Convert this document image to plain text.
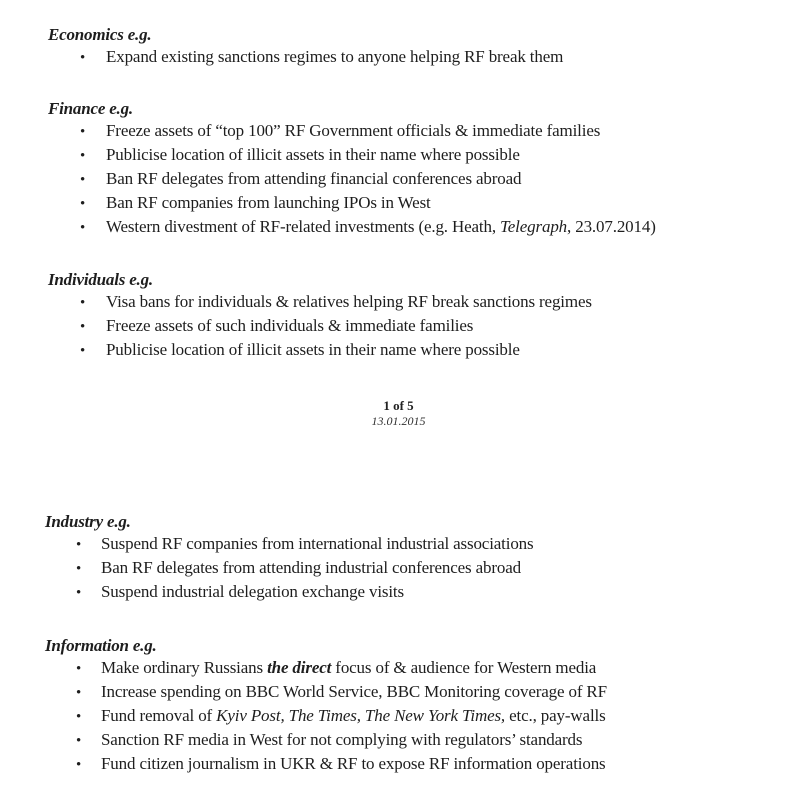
Economics e.g.
• Expand existing sanctions regimes to anyone helping RF break them
Finance e.g.
• Freeze assets of “top 100” RF Government officials & immediate families
• Publicise location of illicit assets in their name where possible
• Ban RF delegates from attending financial conferences abroad
• Ban RF companies from launching IPOs in West
• Western divestment of RF-related investments (e.g. Heath, Telegraph, 23.07.2014)
Individuals e.g.
• Visa bans for individuals & relatives helping RF break sanctions regimes
• Freeze assets of such individuals & immediate families
• Publicise location of illicit assets in their name where possible
1 of 5
13.01.2015
Industry e.g.
• Suspend RF companies from international industrial associations
• Ban RF delegates from attending industrial conferences abroad
• Suspend industrial delegation exchange visits
Information e.g.
• Make ordinary Russians the direct focus of & audience for Western media
• Increase spending on BBC World Service, BBC Monitoring coverage of RF
• Fund removal of Kyiv Post, The Times, The New York Times, etc., pay-walls
• Sanction RF media in West for not complying with regulators’ standards
• Fund citizen journalism in UKR & RF to expose RF information operations
